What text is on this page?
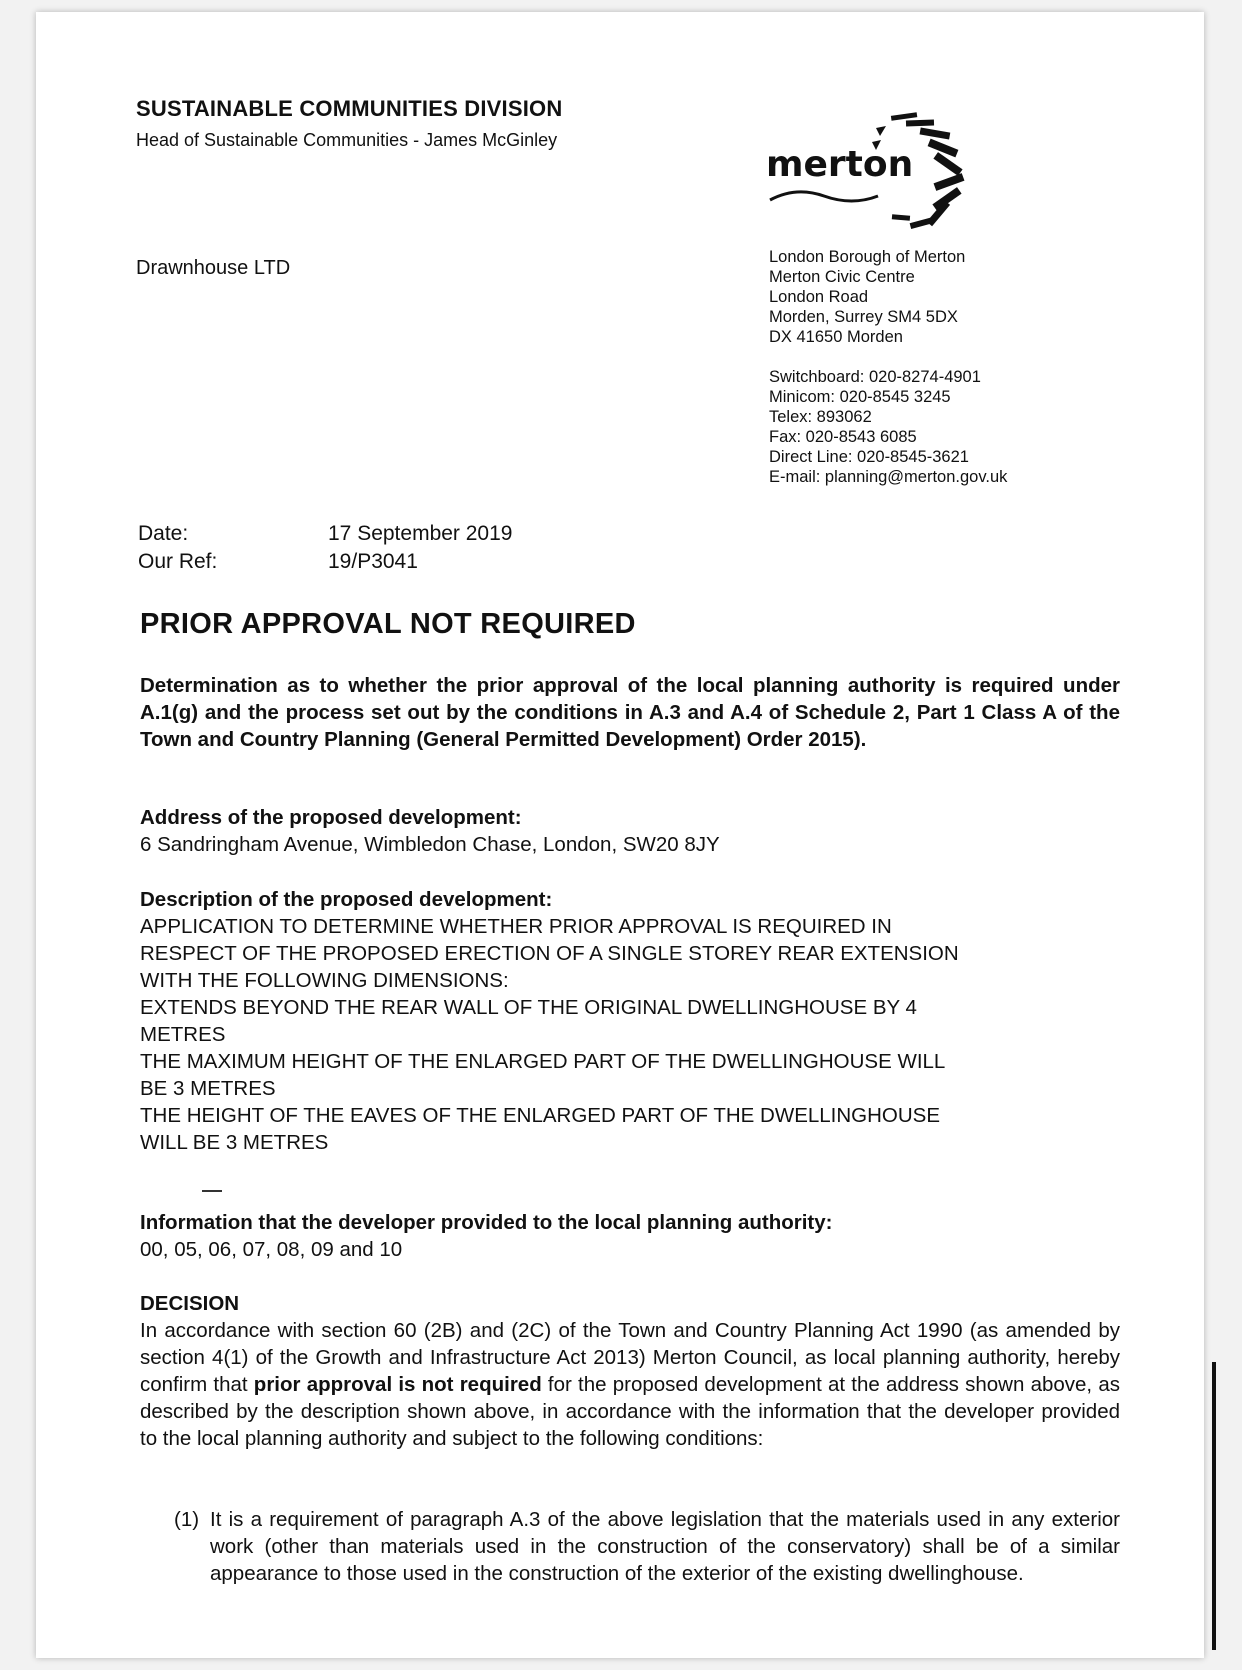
SUSTAINABLE COMMUNITIES DIVISION
Head of Sustainable Communities - James McGinley
merton
Drawnhouse LTD	London Borough of Merton
Merton Civic Centre
London Road
Morden, Surrey SM4 5DX
DX 41650 Morden
Switchboard: 020-8274-4901
Minicom: 020-8545 3245
Telex: 893062
Fax: 020-8543 6085
Direct Line: 020-8545-3621
E-mail: planning@merton.gov.uk
Date:	17 September 2019
Our Ref:	19/P3041
PRIOR APPROVAL NOT REQUIRED
Determination as to whether the prior approval of the local planning authority is required under A.1(g) and the process set out by the conditions in A.3 and A.4 of Schedule 2, Part 1 Class A of the Town and Country Planning (General Permitted Development) Order 2015).
Address of the proposed development:
6 Sandringham Avenue, Wimbledon Chase, London, SW20 8JY
Description of the proposed development:
APPLICATION TO DETERMINE WHETHER PRIOR APPROVAL IS REQUIRED IN
RESPECT OF THE PROPOSED ERECTION OF A SINGLE STOREY REAR EXTENSION
WITH THE FOLLOWING DIMENSIONS:
EXTENDS BEYOND THE REAR WALL OF THE ORIGINAL DWELLINGHOUSE BY 4
METRES
THE MAXIMUM HEIGHT OF THE ENLARGED PART OF THE DWELLINGHOUSE WILL
BE 3 METRES
THE HEIGHT OF THE EAVES OF THE ENLARGED PART OF THE DWELLINGHOUSE
WILL BE 3 METRES
Information that the developer provided to the local planning authority:
00, 05, 06, 07, 08, 09 and 10
DECISION
In accordance with section 60 (2B) and (2C) of the Town and Country Planning Act 1990 (as amended by section 4(1) of the Growth and Infrastructure Act 2013) Merton Council, as local planning authority, hereby confirm that prior approval is not required for the proposed development at the address shown above, as described by the description shown above, in accordance with the information that the developer provided to the local planning authority and subject to the following conditions:
(1) It is a requirement of paragraph A.3 of the above legislation that the materials used in any exterior work (other than materials used in the construction of the conservatory) shall be of a similar appearance to those used in the construction of the exterior of the existing dwellinghouse.
